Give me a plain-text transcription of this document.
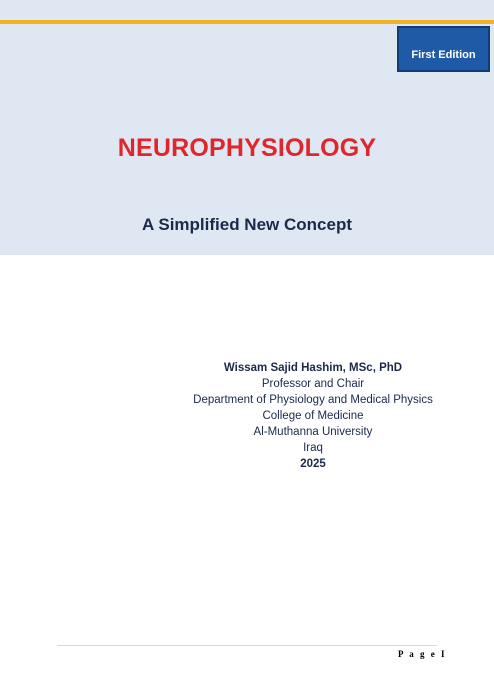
First Edition
NEUROPHYSIOLOGY
A Simplified New Concept
Wissam Sajid Hashim, MSc, PhD
Professor and Chair
Department of Physiology and Medical Physics
College of Medicine
Al-Muthanna University
Iraq
2025
P a g e I
